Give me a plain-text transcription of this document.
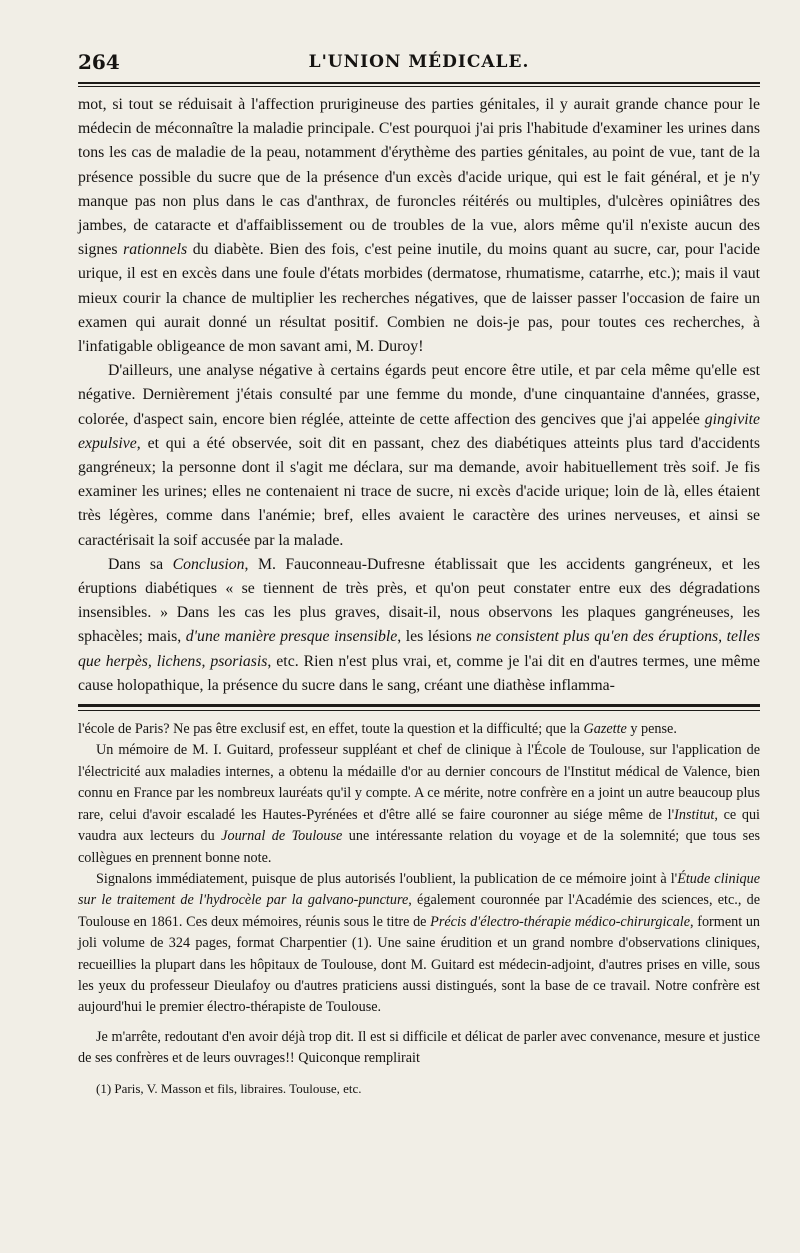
264	L'UNION MÉDICALE.

mot, si tout se réduisait à l'affection prurigineuse des parties génitales, il y aurait grande chance pour le médecin de méconnaître la maladie principale. C'est pourquoi j'ai pris l'habitude d'examiner les urines dans tons les cas de maladie de la peau, notamment d'érythème des parties génitales, au point de vue, tant de la présence possible du sucre que de la présence d'un excès d'acide urique, qui est le fait général, et je n'y manque pas non plus dans le cas d'anthrax, de furoncles réitérés ou multiples, d'ulcères opiniâtres des jambes, de cataracte et d'affaiblissement ou de troubles de la vue, alors même qu'il n'existe aucun des signes rationnels du diabète. Bien des fois, c'est peine inutile, du moins quant au sucre, car, pour l'acide urique, il est en excès dans une foule d'états morbides (dermatose, rhumatisme, catarrhe, etc.); mais il vaut mieux courir la chance de multiplier les recherches négatives, que de laisser passer l'occasion de faire un examen qui aurait donné un résultat positif. Combien ne dois-je pas, pour toutes ces recherches, à l'infatigable obligeance de mon savant ami, M. Duroy!

D'ailleurs, une analyse négative à certains égards peut encore être utile, et par cela même qu'elle est négative. Dernièrement j'étais consulté par une femme du monde, d'une cinquantaine d'années, grasse, colorée, d'aspect sain, encore bien réglée, atteinte de cette affection des gencives que j'ai appelée gingivite expulsive, et qui a été observée, soit dit en passant, chez des diabétiques atteints plus tard d'accidents gangréneux; la personne dont il s'agit me déclara, sur ma demande, avoir habituellement très soif. Je fis examiner les urines; elles ne contenaient ni trace de sucre, ni excès d'acide urique; loin de là, elles étaient très légères, comme dans l'anémie; bref, elles avaient le caractère des urines nerveuses, et ainsi se caractérisait la soif accusée par la malade.

Dans sa Conclusion, M. Fauconneau-Dufresne établissait que les accidents gangréneux, et les éruptions diabétiques « se tiennent de très près, et qu'on peut constater entre eux des dégradations insensibles. » Dans les cas les plus graves, disait-il, nous observons les plaques gangréneuses, les sphacèles; mais, d'une manière presque insensible, les lésions ne consistent plus qu'en des éruptions, telles que herpès, lichens, psoriasis, etc. Rien n'est plus vrai, et, comme je l'ai dit en d'autres termes, une même cause holopathique, la présence du sucre dans le sang, créant une diathèse inflamma-

l'école de Paris? Ne pas être exclusif est, en effet, toute la question et la difficulté; que la Gazette y pense.

Un mémoire de M. I. Guitard, professeur suppléant et chef de clinique à l'École de Toulouse, sur l'application de l'électricité aux maladies internes, a obtenu la médaille d'or au dernier concours de l'Institut médical de Valence, bien connu en France par les nombreux lauréats qu'il y compte. A ce mérite, notre confrère en a joint un autre beaucoup plus rare, celui d'avoir escaladé les Hautes-Pyrénées et d'être allé se faire couronner au siége même de l'Institut, ce qui vaudra aux lecteurs du Journal de Toulouse une intéressante relation du voyage et de la solemnité; que tous ses collègues en prennent bonne note.

Signalons immédiatement, puisque de plus autorisés l'oublient, la publication de ce mémoire joint à l'Étude clinique sur le traitement de l'hydrocèle par la galvano-puncture, également couronnée par l'Académie des sciences, etc., de Toulouse en 1861. Ces deux mémoires, réunis sous le titre de Précis d'électro-thérapie médico-chirurgicale, forment un joli volume de 324 pages, format Charpentier (1). Une saine érudition et un grand nombre d'observations cliniques, recueillies la plupart dans les hôpitaux de Toulouse, dont M. Guitard est médecin-adjoint, d'autres prises en ville, sous les yeux du professeur Dieulafoy ou d'autres praticiens aussi distingués, sont la base de ce travail. Notre confrère est aujourd'hui le premier électro-thérapiste de Toulouse.

Je m'arrête, redoutant d'en avoir déjà trop dit. Il est si difficile et délicat de parler avec convenance, mesure et justice de ses confrères et de leurs ouvrages!! Quiconque remplirait

(1) Paris, V. Masson et fils, libraires. Toulouse, etc.
